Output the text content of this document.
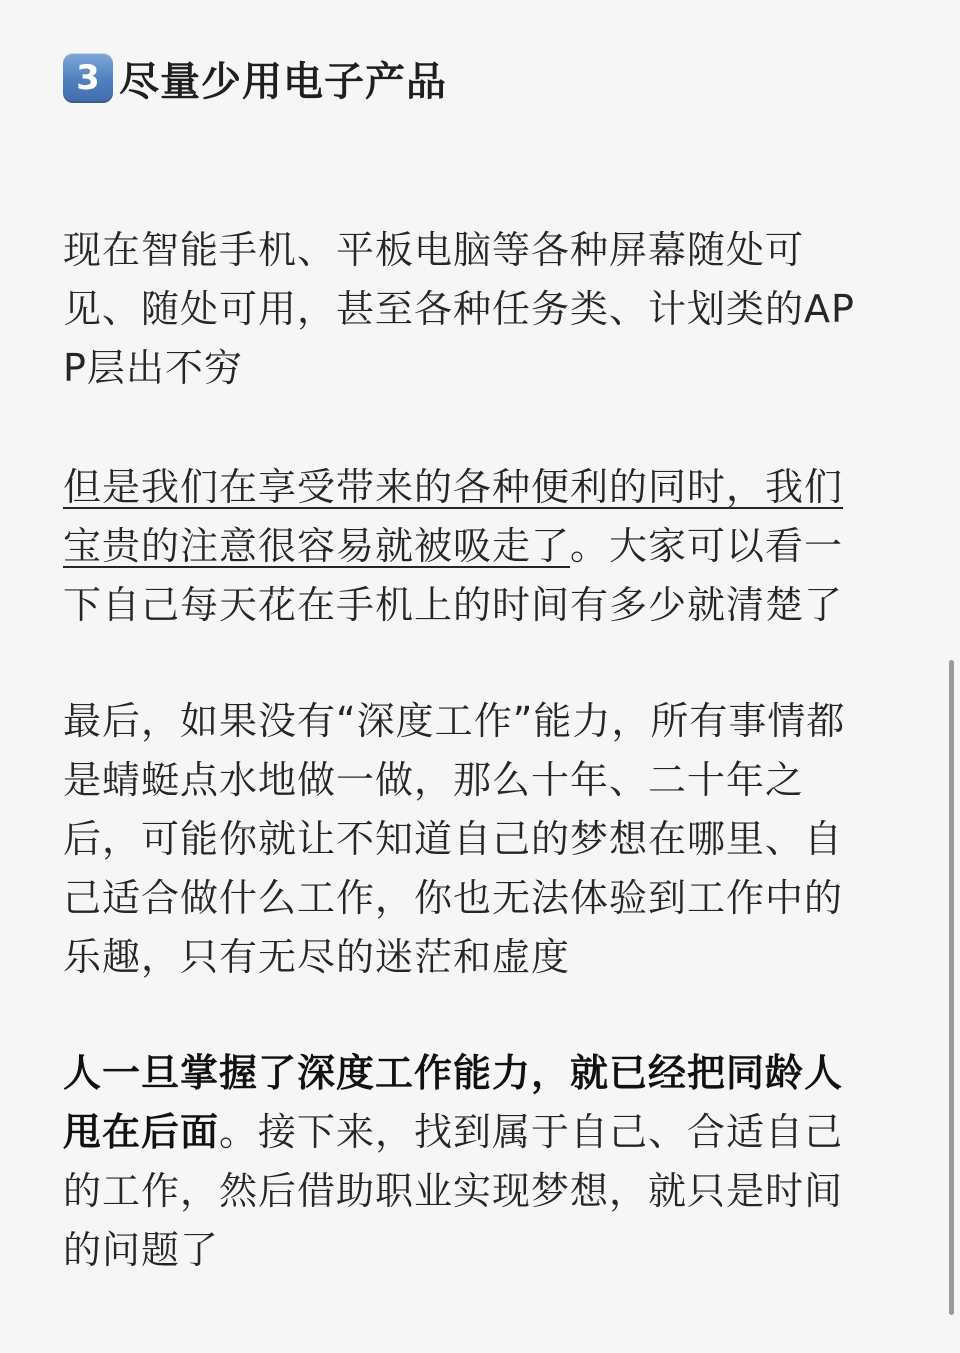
3 尽量少用电子产品

现在智能手机、平板电脑等各种屏幕随处可见、随处可用，甚至各种任务类、计划类的APP层出不穷

但是我们在享受带来的各种便利的同时，我们宝贵的注意很容易就被吸走了。大家可以看一下自己每天花在手机上的时间有多少就清楚了

最后，如果没有“深度工作”能力，所有事情都是蜻蜓点水地做一做，那么十年、二十年之后，可能你就让不知道自己的梦想在哪里、自己适合做什么工作，你也无法体验到工作中的乐趣，只有无尽的迷茫和虚度

人一旦掌握了深度工作能力，就已经把同龄人甩在后面。接下来，找到属于自己、合适自己的工作，然后借助职业实现梦想，就只是时间的问题了
